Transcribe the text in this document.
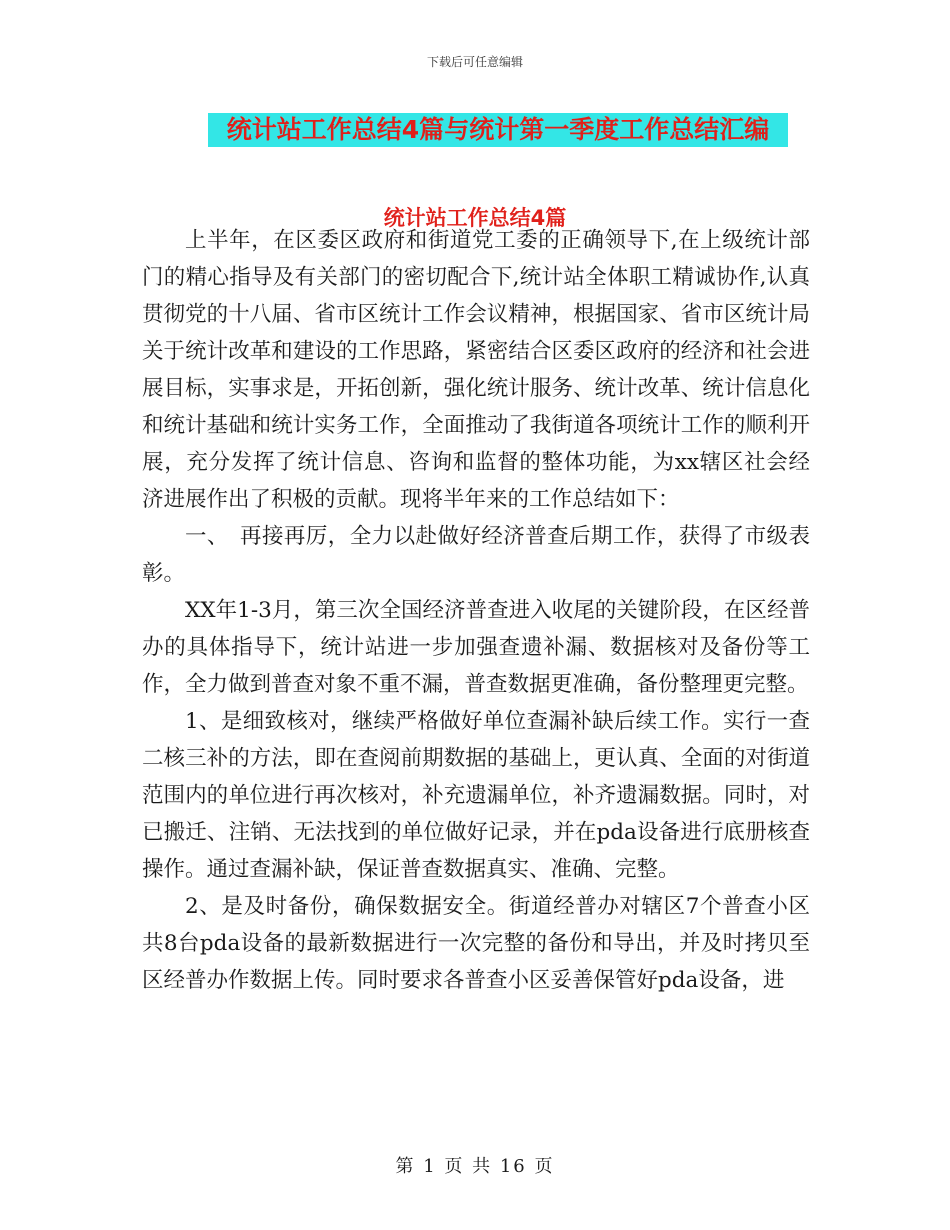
下载后可任意编辑
统计站工作总结4篇与统计第一季度工作总结汇编
统计站工作总结4篇

上半年，在区委区政府和街道党工委的正确领导下,在上级统计部门的精心指导及有关部门的密切配合下,统计站全体职工精诚协作,认真贯彻党的十八届、省市区统计工作会议精神，根据国家、省市区统计局关于统计改革和建设的工作思路，紧密结合区委区政府的经济和社会进展目标，实事求是，开拓创新，强化统计服务、统计改革、统计信息化和统计基础和统计实务工作，全面推动了我街道各项统计工作的顺利开展，充分发挥了统计信息、咨询和监督的整体功能，为xx辖区社会经济进展作出了积极的贡献。现将半年来的工作总结如下：

一、　再接再厉，全力以赴做好经济普查后期工作，获得了市级表彰。

XX年1-3月，第三次全国经济普查进入收尾的关键阶段，在区经普办的具体指导下，统计站进一步加强查遗补漏、数据核对及备份等工作，全力做到普查对象不重不漏，普查数据更准确，备份整理更完整。

1、是细致核对，继续严格做好单位查漏补缺后续工作。实行一查二核三补的方法，即在查阅前期数据的基础上，更认真、全面的对街道范围内的单位进行再次核对，补充遗漏单位，补齐遗漏数据。同时，对已搬迁、注销、无法找到的单位做好记录，并在pda设备进行底册核查操作。通过查漏补缺，保证普查数据真实、准确、完整。

2、是及时备份，确保数据安全。街道经普办对辖区7个普查小区共8台pda设备的最新数据进行一次完整的备份和导出，并及时拷贝至区经普办作数据上传。同时要求各普查小区妥善保管好pda设备，进

第 1 页 共 16 页
